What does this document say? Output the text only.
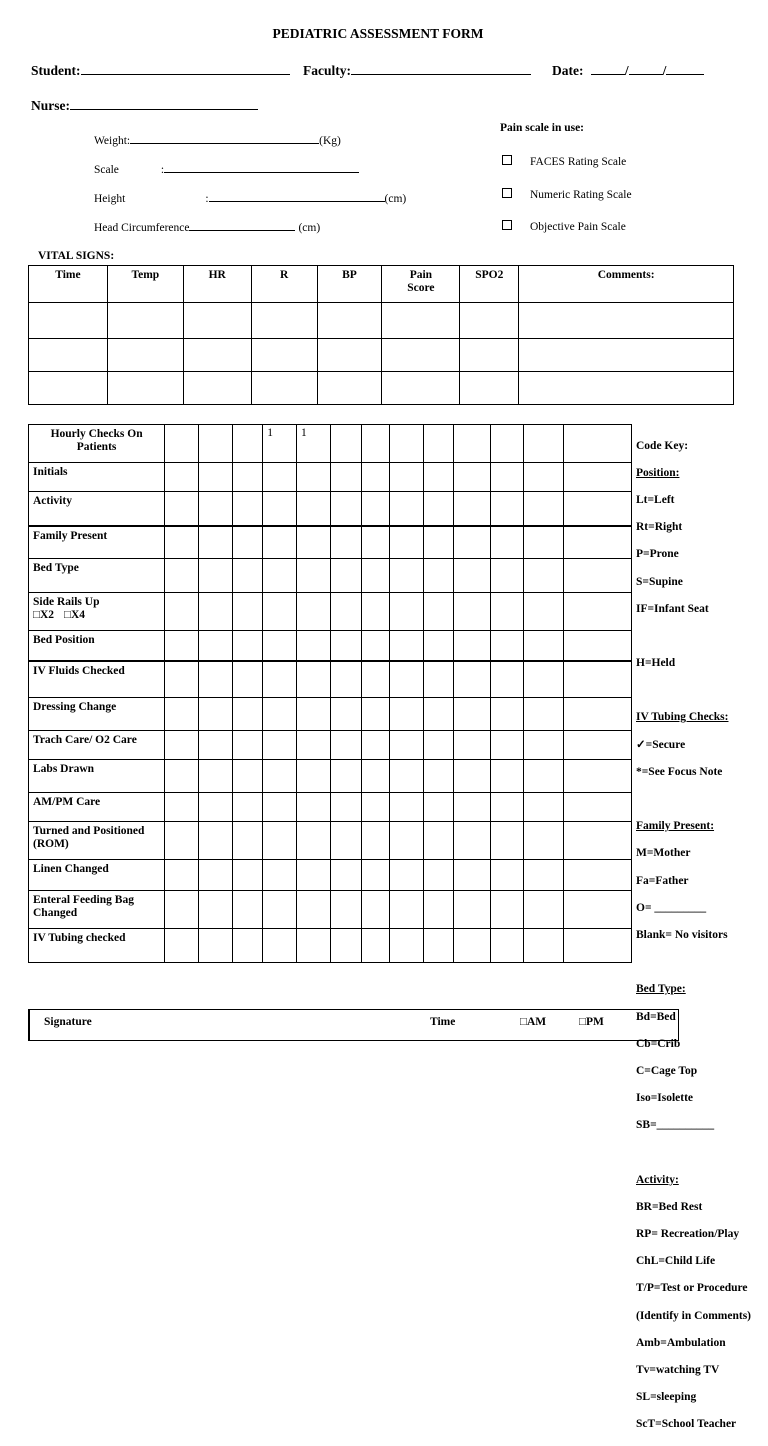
PEDIATRIC ASSESSMENT FORM
Student:	Faculty:	Date:	/	/
Nurse:
Weight:	(Kg)
Scale	:
Height	:	(cm)
Head Circumference	(cm)
Pain scale in use:
FACES Rating Scale
Numeric Rating Scale
Objective Pain Scale
VITAL SIGNS:
Time	Temp	HR	R	BP	Pain Score	SPO2	Comments:

Hourly Checks On Patients				1	1								
Initials													
Activity													
Family Present													
Bed Type													
Side Rails Up
□X2 □X4													

Bed Position													
IV Fluids Checked													
Dressing Change													
Trach Care/ O2 Care													
Labs Drawn													
AM/PM Care													
Turned and Positioned (ROM)													
Linen Changed													
Enteral Feeding Bag Changed													
IV Tubing checked													

Code Key:

Position:

Lt=Left

Rt=Right

P=Prone

S=Supine

IF=Infant Seat

H=Held

IV Tubing Checks:

✓=Secure

*=See Focus Note

Family Present:

M=Mother

Fa=Father

O= _________

Blank= No visitors

Bed Type:

Bd=Bed

Cb=Crib

C=Cage Top

Iso=Isolette

SB=__________

Activity:

BR=Bed Rest

RP= Recreation/Play

ChL=Child Life

T/P=Test or Procedure

(Identify in Comments)

Amb=Ambulation

Tv=watching TV

SL=sleeping

ScT=School Teacher

Signature	Time	□AM	□PM
